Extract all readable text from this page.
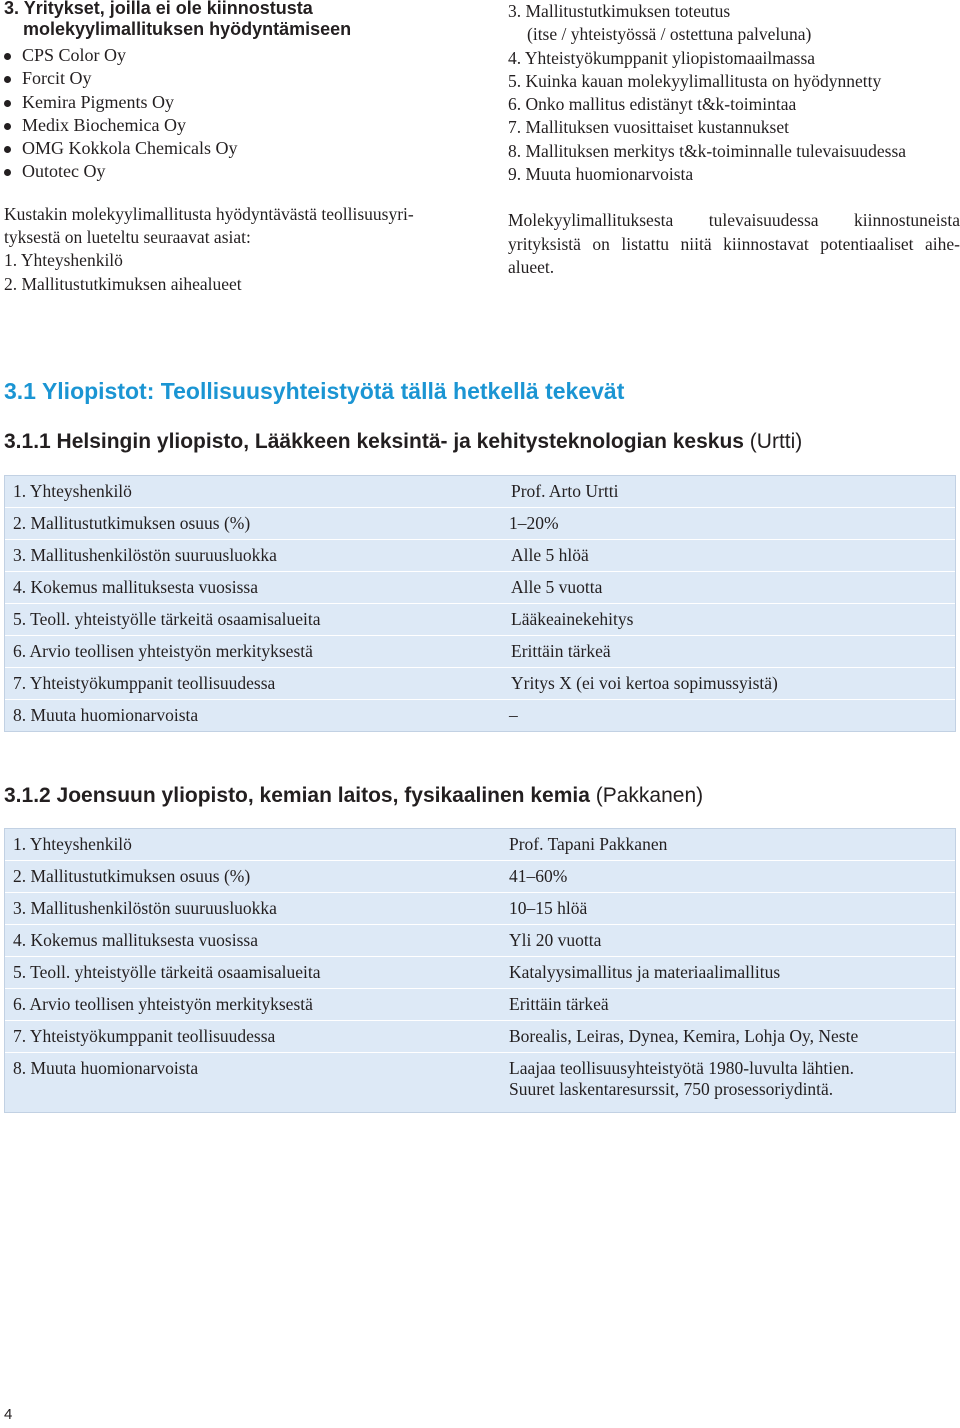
3. Yritykset, joilla ei ole kiinnostusta
molekyylimallituksen hyödyntämiseen
CPS Color Oy
Forcit Oy
Kemira Pigments Oy
Medix Biochemica Oy
OMG Kokkola Chemicals Oy
Outotec Oy

Kustakin molekyylimallitusta hyödyntävästä teollisuusyri-
tyksestä on lueteltu seuraavat asiat:

1. Yhteyshenkilö
2. Mallitustutkimuksen aihealueet
3. Mallitustutkimuksen toteutus
(itse / yhteistyössä / ostettuna palveluna)
4. Yhteistyökumppanit yliopistomaailmassa
5. Kuinka kauan molekyylimallitusta on hyödynnetty
6. Onko mallitus edistänyt t&k-toimintaa
7. Mallituksen vuosittaiset kustannukset
8. Mallituksen merkitys t&k-toiminnalle tulevaisuudessa
9. Muuta huomionarvoista

Molekyylimallituksesta tulevaisuudessa kiinnostuneista
yrityksistä on listattu niitä kiinnostavat potentiaaliset aihe-
alueet.

3.1 Yliopistot: Teollisuusyhteistyötä tällä hetkellä tekevät
3.1.1 Helsingin yliopisto, Lääkkeen keksintä- ja kehitysteknologian keskus (Urtti)
1. Yhteyshenkilö	Prof. Arto Urtti
2. Mallitustutkimuksen osuus (%)	1–20%
3. Mallitushenkilöstön suuruusluokka	Alle 5 hlöä
4. Kokemus mallituksesta vuosissa	Alle 5 vuotta
5. Teoll. yhteistyölle tärkeitä osaamisalueita	Lääkeainekehitys
6. Arvio teollisen yhteistyön merkityksestä	Erittäin tärkeä
7. Yhteistyökumppanit teollisuudessa	Yritys X (ei voi kertoa sopimussyistä)
8. Muuta huomionarvoista	–
3.1.2 Joensuun yliopisto, kemian laitos, fysikaalinen kemia (Pakkanen)
1. Yhteyshenkilö	Prof. Tapani Pakkanen
2. Mallitustutkimuksen osuus (%)	41–60%
3. Mallitushenkilöstön suuruusluokka	10–15 hlöä
4. Kokemus mallituksesta vuosissa	Yli 20 vuotta
5. Teoll. yhteistyölle tärkeitä osaamisalueita	Katalyysimallitus ja materiaalimallitus
6. Arvio teollisen yhteistyön merkityksestä	Erittäin tärkeä
7. Yhteistyökumppanit teollisuudessa	Borealis, Leiras, Dynea, Kemira, Lohja Oy, Neste
8. Muuta huomionarvoista	Laajaa teollisuusyhteistyötä 1980-luvulta lähtien.
Suuret laskentaresurssit, 750 prosessoriydintä.
4
